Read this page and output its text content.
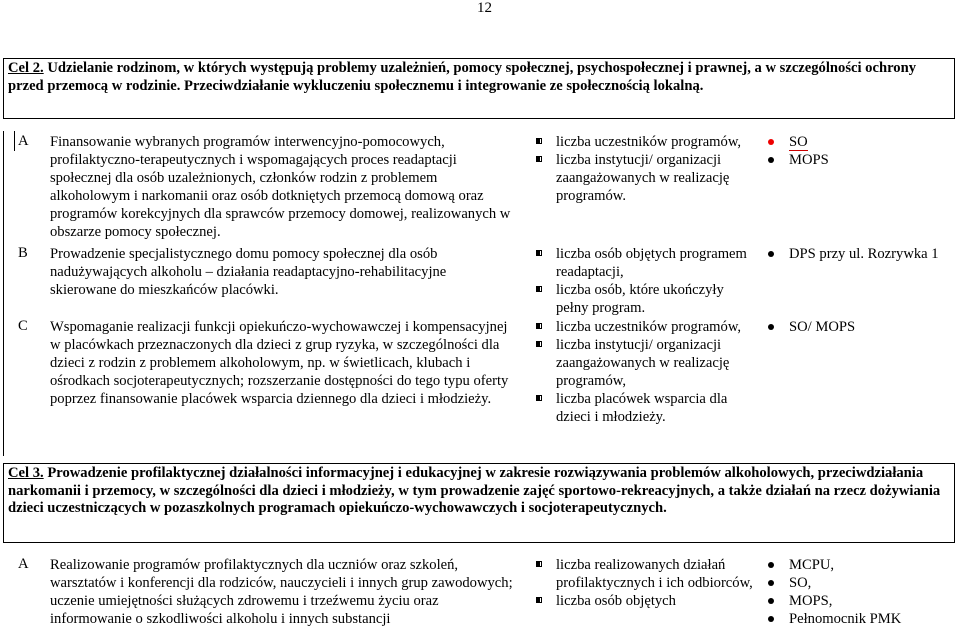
12
Cel 2. Udzielanie rodzinom, w których występują problemy uzależnień, pomocy społecznej, psychospołecznej i prawnej, a w szczególności ochrony przed przemocą w rodzinie. Przeciwdziałanie wykluczeniu społecznemu i integrowanie ze społecznością lokalną.
A Finansowanie wybranych programów interwencyjno-pomocowych, profilaktyczno-terapeutycznych i wspomagających proces readaptacji społecznej dla osób uzależnionych, członków rodzin z problemem alkoholowym i narkomanii oraz osób dotkniętych przemocą domową oraz programów korekcyjnych dla sprawców przemocy domowej, realizowanych w obszarze pomocy społecznej.
liczba uczestników programów,
liczba instytucji/ organizacji zaangażowanych w realizację programów.
SO
MOPS
B Prowadzenie specjalistycznego domu pomocy społecznej dla osób nadużywających alkoholu – działania readaptacyjno-rehabilitacyjne skierowane do mieszkańców placówki.
liczba osób objętych programem readaptacji,
liczba osób, które ukończyły pełny program.
DPS przy ul. Rozrywka 1
C Wspomaganie realizacji funkcji opiekuńczo-wychowawczej i kompensacyjnej w placówkach przeznaczonych dla dzieci z grup ryzyka, w szczególności dla dzieci z rodzin z problemem alkoholowym, np. w świetlicach, klubach i ośrodkach socjoterapeutycznych; rozszerzanie dostępności do tego typu oferty poprzez finansowanie placówek wsparcia dziennego dla dzieci i młodzieży.
liczba uczestników programów,
liczba instytucji/ organizacji zaangażowanych w realizację programów,
liczba placówek wsparcia dla dzieci i młodzieży.
SO/ MOPS
Cel 3. Prowadzenie profilaktycznej działalności informacyjnej i edukacyjnej w zakresie rozwiązywania problemów alkoholowych, przeciwdziałania narkomanii i przemocy, w szczególności dla dzieci i młodzieży, w tym prowadzenie zajęć sportowo-rekreacyjnych, a także działań na rzecz dożywiania dzieci uczestniczących w pozaszkolnych programach opiekuńczo-wychowawczych i socjoterapeutycznych.
A Realizowanie programów profilaktycznych dla uczniów oraz szkoleń, warsztatów i konferencji dla rodziców, nauczycieli i innych grup zawodowych; uczenie umiejętności służących zdrowemu i trzeźwemu życiu oraz informowanie o szkodliwości alkoholu i innych substancji
liczba realizowanych działań profilaktycznych i ich odbiorców,
liczba osób objętych
MCPU,
SO,
MOPS,
Pełnomocnik PMK
